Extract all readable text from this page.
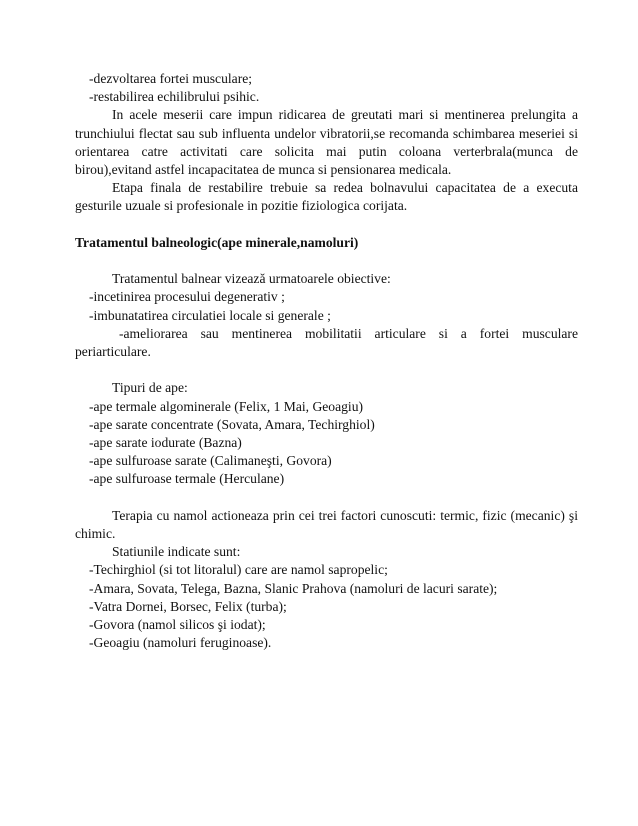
-dezvoltarea fortei musculare;
-restabilirea echilibrului psihic.

In acele meserii care impun ridicarea de greutati mari si mentinerea prelungita a trunchiului flectat sau sub influenta undelor vibratorii,se recomanda schimbarea meseriei si orientarea catre activitati care solicita mai putin coloana verterbrala(munca de birou),evitand astfel incapacitatea de munca si pensionarea medicala.

Etapa finala de restabilire trebuie sa redea bolnavului capacitatea de a executa gesturile uzuale si profesionale in pozitie fiziologica corijata.

Tratamentul balneologic(ape minerale,namoluri)

Tratamentul balnear vizează urmatoarele obiective:
-incetinirea procesului degenerativ ;
-imbunatatirea circulatiei locale si generale ;

-ameliorarea sau mentinerea mobilitatii articulare si a fortei musculare periarticulare.

Tipuri de ape:
-ape termale algominerale (Felix, 1 Mai, Geoagiu)
-ape sarate concentrate (Sovata, Amara, Techirghiol)
-ape sarate iodurate (Bazna)
-ape sulfuroase sarate (Calimaneşti, Govora)
-ape sulfuroase termale (Herculane)

Terapia cu namol actioneaza prin cei trei factori cunoscuti: termic, fizic (mecanic) şi chimic.

Statiunile indicate sunt:
-Techirghiol (si tot litoralul) care are namol sapropelic;
-Amara, Sovata, Telega, Bazna, Slanic Prahova (namoluri de lacuri sarate);
-Vatra Dornei, Borsec, Felix (turba);
-Govora (namol silicos şi iodat);
-Geoagiu (namoluri feruginoase).
